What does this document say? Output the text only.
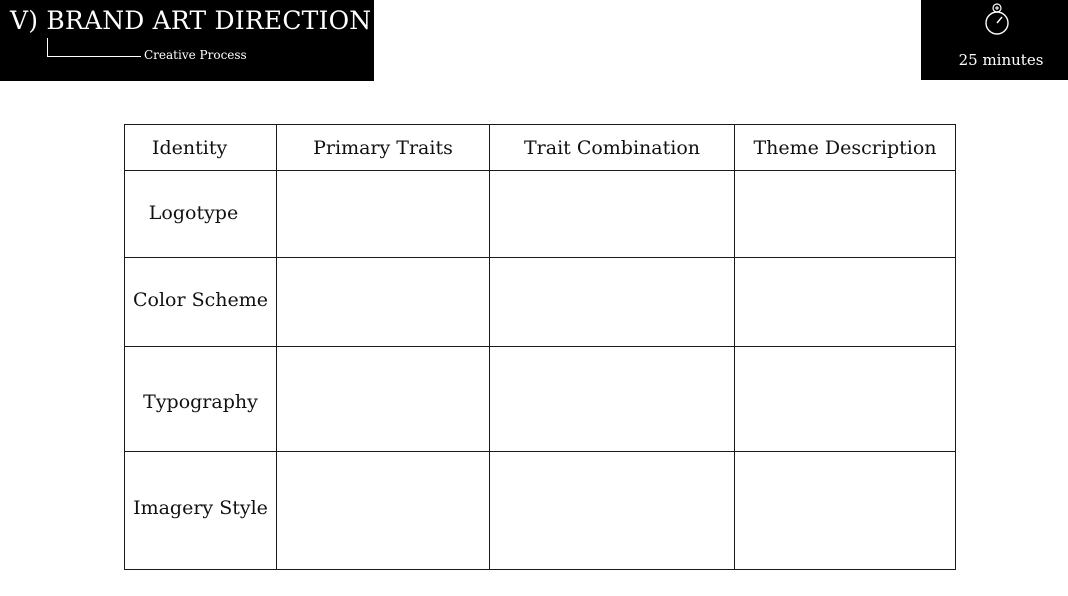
V) BRAND ART DIRECTION
Creative Process	25 minutes
Identity	Primary Traits	Trait Combination	Theme Description
Logotype			
Color Scheme			
Typography			
Imagery Style			
